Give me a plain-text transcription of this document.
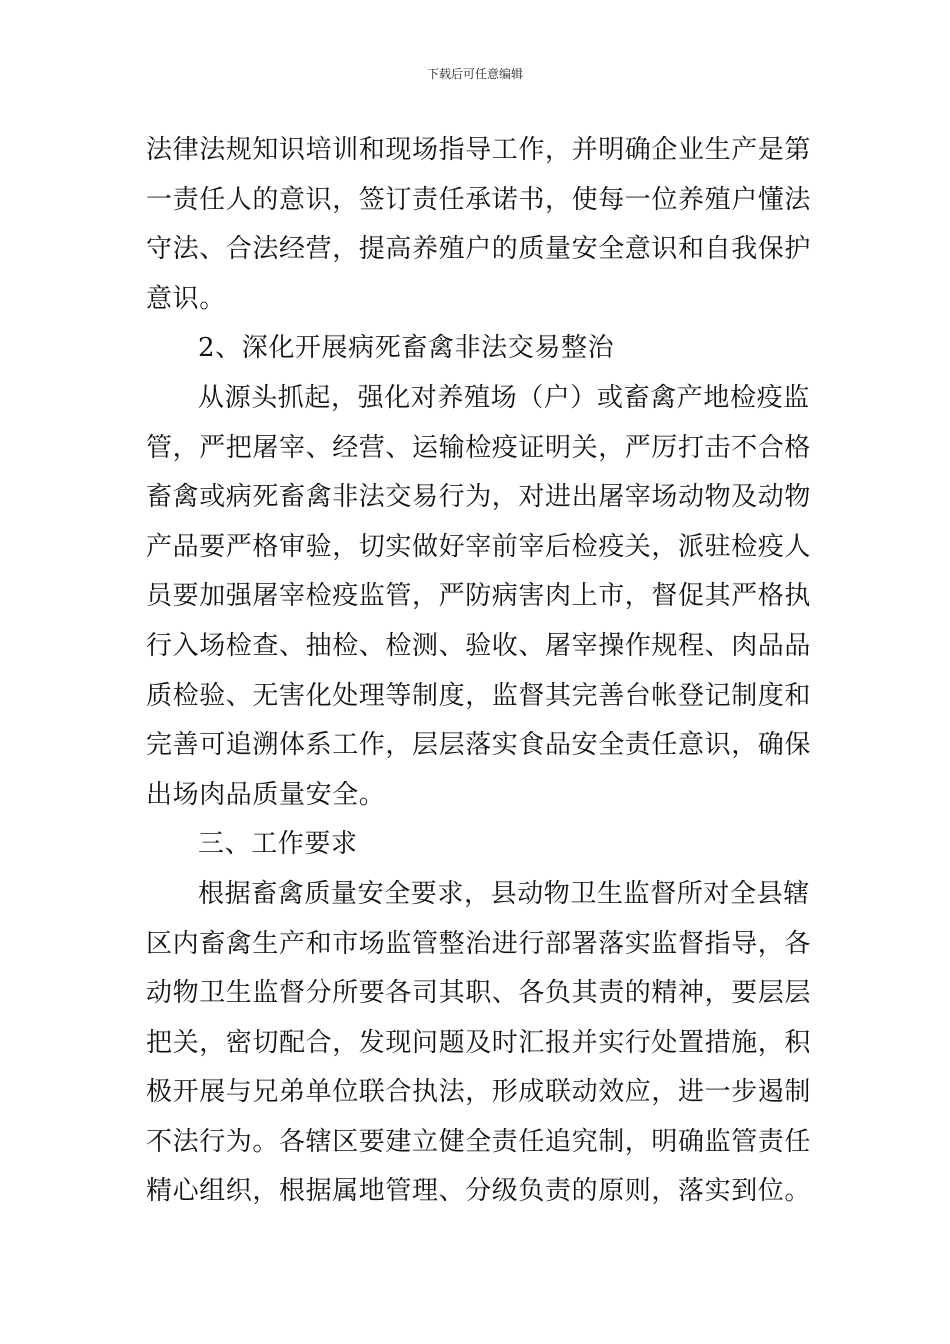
下载后可任意编辑
法律法规知识培训和现场指导工作，并明确企业生产是第
一责任人的意识，签订责任承诺书，使每一位养殖户懂法
守法、合法经营，提高养殖户的质量安全意识和自我保护
意识。
2、深化开展病死畜禽非法交易整治
从源头抓起，强化对养殖场（户）或畜禽产地检疫监
管，严把屠宰、经营、运输检疫证明关，严厉打击不合格
畜禽或病死畜禽非法交易行为，对进出屠宰场动物及动物
产品要严格审验，切实做好宰前宰后检疫关，派驻检疫人
员要加强屠宰检疫监管，严防病害肉上市，督促其严格执
行入场检查、抽检、检测、验收、屠宰操作规程、肉品品
质检验、无害化处理等制度，监督其完善台帐登记制度和
完善可追溯体系工作，层层落实食品安全责任意识，确保
出场肉品质量安全。
三、工作要求
根据畜禽质量安全要求，县动物卫生监督所对全县辖
区内畜禽生产和市场监管整治进行部署落实监督指导，各
动物卫生监督分所要各司其职、各负其责的精神，要层层
把关，密切配合，发现问题及时汇报并实行处置措施，积
极开展与兄弟单位联合执法，形成联动效应，进一步遏制
不法行为。各辖区要建立健全责任追究制，明确监管责任
精心组织，根据属地管理、分级负责的原则，落实到位。
